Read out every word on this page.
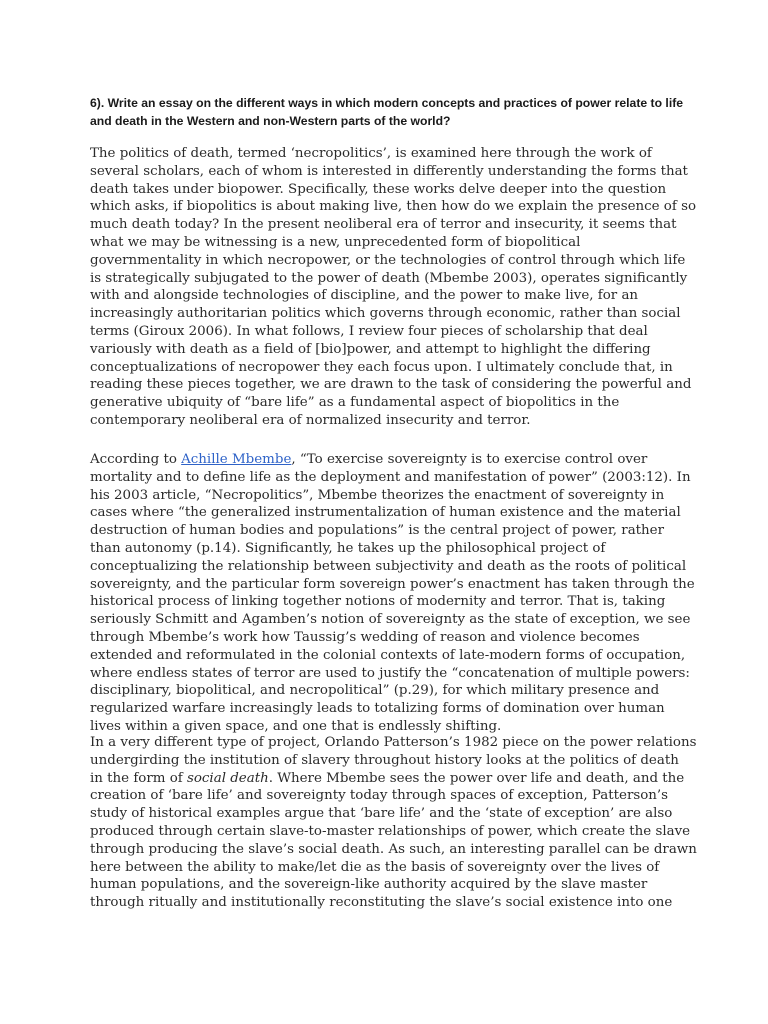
6). Write an essay on the different ways in which modern concepts and practices of power relate to life
and death in the Western and non-Western parts of the world?

The politics of death, termed ‘necropolitics’, is examined here through the work of
several scholars, each of whom is interested in differently understanding the forms that
death takes under biopower. Specifically, these works delve deeper into the question
which asks, if biopolitics is about making live, then how do we explain the presence of so
much death today? In the present neoliberal era of terror and insecurity, it seems that
what we may be witnessing is a new, unprecedented form of biopolitical
governmentality in which necropower, or the technologies of control through which life
is strategically subjugated to the power of death (Mbembe 2003), operates significantly
with and alongside technologies of discipline, and the power to make live, for an
increasingly authoritarian politics which governs through economic, rather than social
terms (Giroux 2006). In what follows, I review four pieces of scholarship that deal
variously with death as a field of [bio]power, and attempt to highlight the differing
conceptualizations of necropower they each focus upon. I ultimately conclude that, in
reading these pieces together, we are drawn to the task of considering the powerful and
generative ubiquity of “bare life” as a fundamental aspect of biopolitics in the
contemporary neoliberal era of normalized insecurity and terror.

According to Achille Mbembe, “To exercise sovereignty is to exercise control over
mortality and to define life as the deployment and manifestation of power” (2003:12). In
his 2003 article, “Necropolitics”, Mbembe theorizes the enactment of sovereignty in
cases where “the generalized instrumentalization of human existence and the material
destruction of human bodies and populations” is the central project of power, rather
than autonomy (p.14). Significantly, he takes up the philosophical project of
conceptualizing the relationship between subjectivity and death as the roots of political
sovereignty, and the particular form sovereign power’s enactment has taken through the
historical process of linking together notions of modernity and terror. That is, taking
seriously Schmitt and Agamben’s notion of sovereignty as the state of exception, we see
through Mbembe’s work how Taussig’s wedding of reason and violence becomes
extended and reformulated in the colonial contexts of late-modern forms of occupation,
where endless states of terror are used to justify the “concatenation of multiple powers:
disciplinary, biopolitical, and necropolitical” (p.29), for which military presence and
regularized warfare increasingly leads to totalizing forms of domination over human
lives within a given space, and one that is endlessly shifting.

In a very different type of project, Orlando Patterson’s 1982 piece on the power relations
undergirding the institution of slavery throughout history looks at the politics of death
in the form of social death. Where Mbembe sees the power over life and death, and the
creation of ‘bare life’ and sovereignty today through spaces of exception, Patterson’s
study of historical examples argue that ‘bare life’ and the ‘state of exception’ are also
produced through certain slave-to-master relationships of power, which create the slave
through producing the slave’s social death. As such, an interesting parallel can be drawn
here between the ability to make/let die as the basis of sovereignty over the lives of
human populations, and the sovereign-like authority acquired by the slave master
through ritually and institutionally reconstituting the slave’s social existence into one
